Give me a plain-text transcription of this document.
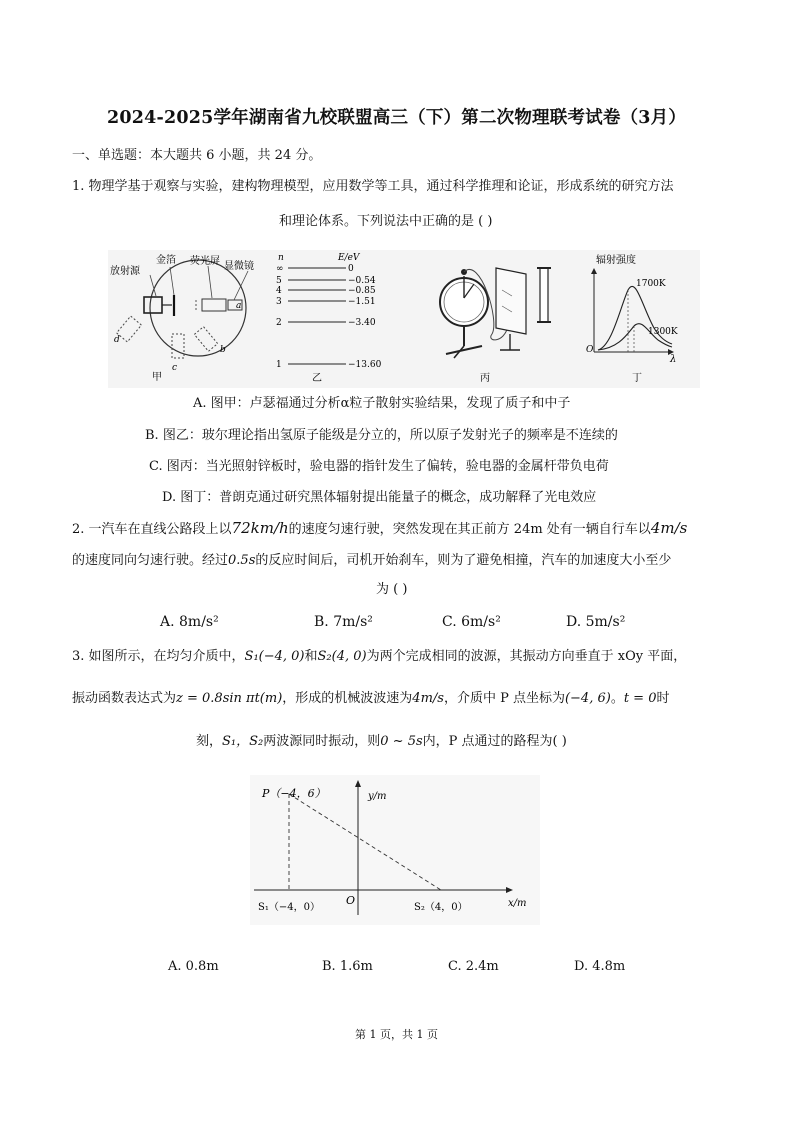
2024-2025学年湖南省九校联盟高三（下）第二次物理联考试卷（3月）
一、单选题：本大题共 6 小题，共 24 分。
1. 物理学基于观察与实验，建构物理模型，应用数学等工具，通过科学推理和论证，形成系统的研究方法
和理论体系。下列说法中正确的是 ( )
放射源
金箔 荧光屏 显微镜
a
b
c
d
甲
n	E/eV
∞	0
5	−0.54
4	−0.85
3	−1.51
2	−3.40
1	−13.60
乙	丙
辐射强度
1700K
1300K
O
λ
丁
A. 图甲：卢瑟福通过分析α粒子散射实验结果，发现了质子和中子
B. 图乙：玻尔理论指出氢原子能级是分立的，所以原子发射光子的频率是不连续的
C. 图丙：当光照射锌板时，验电器的指针发生了偏转，验电器的金属杆带负电荷
D. 图丁：普朗克通过研究黑体辐射提出能量子的概念，成功解释了光电效应
2. 一汽车在直线公路段上以72km/h的速度匀速行驶，突然发现在其正前方 24m 处有一辆自行车以4m/s
的速度同向匀速行驶。经过0.5s的反应时间后，司机开始刹车，则为了避免相撞，汽车的加速度大小至少
为 ( )
A. 8m/s²	B. 7m/s²	C. 6m/s²	D. 5m/s²
3. 如图所示，在均匀介质中，S₁(−4, 0)和S₂(4, 0)为两个完成相同的波源，其振动方向垂直于 xOy 平面，
振动函数表达式为z = 0.8sin πt(m)，形成的机械波波速为4m/s，介质中 P 点坐标为(−4, 6)。t = 0时
刻，S₁，S₂两波源同时振动，则0 ~ 5s内，P 点通过的路程为( )
P（−4，6）	y/m
x/m
O
S₁（−4，0）	S₂（4，0）
A. 0.8m	B. 1.6m	C. 2.4m	D. 4.8m
第 1 页，共 1 页
